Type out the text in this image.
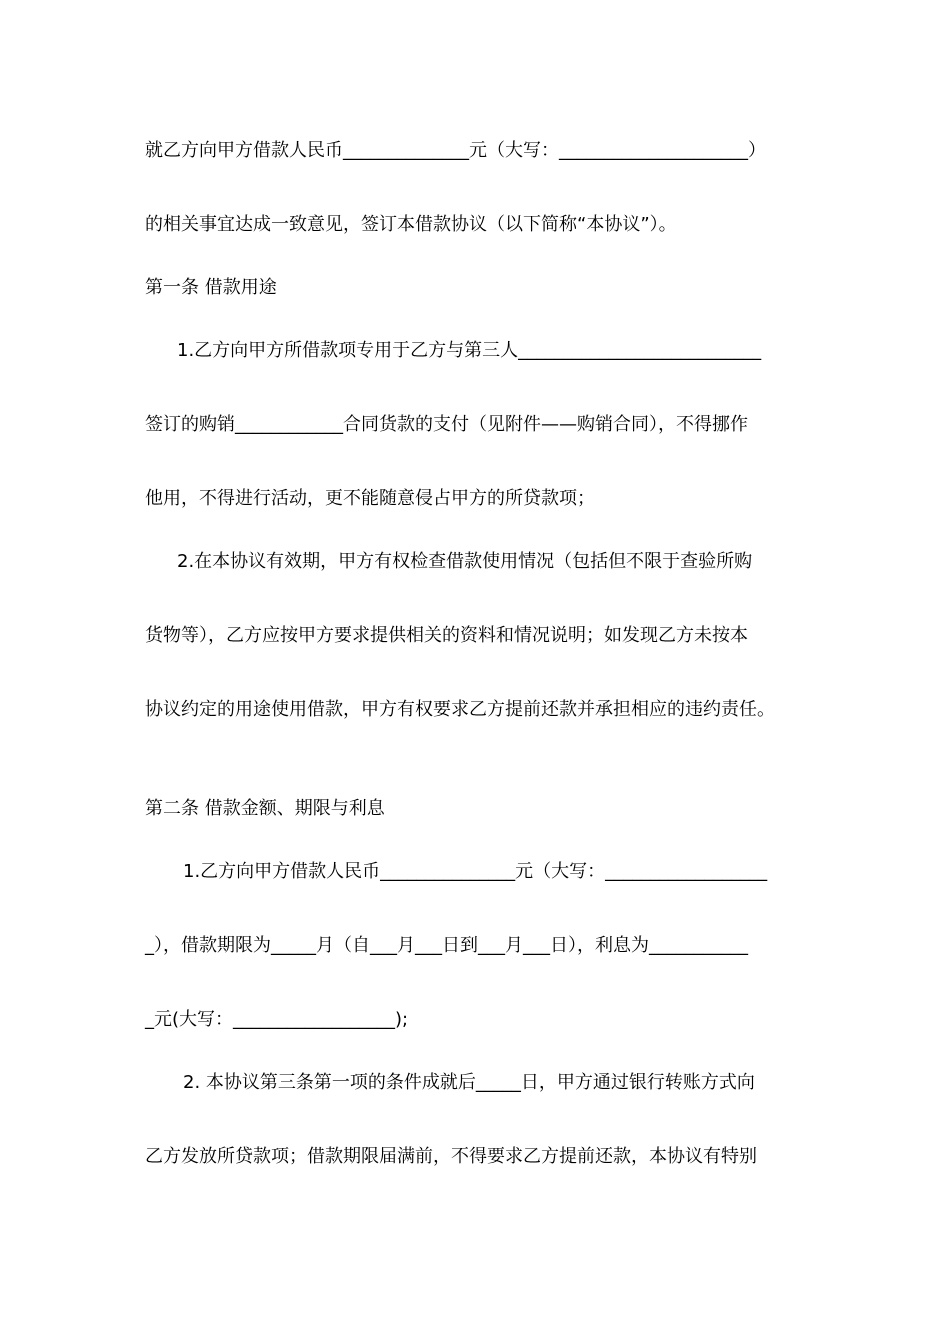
就乙方向甲方借款人民币______________元（大写：_____________________）
的相关事宜达成一致意见，签订本借款协议（以下简称“本协议”）。
第一条 借款用途
1.乙方向甲方所借款项专用于乙方与第三人___________________________
签订的购销____________合同货款的支付（见附件——购销合同），不得挪作
他用，不得进行活动，更不能随意侵占甲方的所贷款项；
2.在本协议有效期，甲方有权检查借款使用情况（包括但不限于查验所购
货物等），乙方应按甲方要求提供相关的资料和情况说明；如发现乙方未按本
协议约定的用途使用借款，甲方有权要求乙方提前还款并承担相应的违约责任。
第二条 借款金额、期限与利息
1.乙方向甲方借款人民币_______________元（大写：__________________
_），借款期限为_____月（自___月___日到___月___日），利息为___________
_元(大写：__________________);
2. 本协议第三条第一项的条件成就后_____日，甲方通过银行转账方式向
乙方发放所贷款项；借款期限届满前，不得要求乙方提前还款，本协议有特别
